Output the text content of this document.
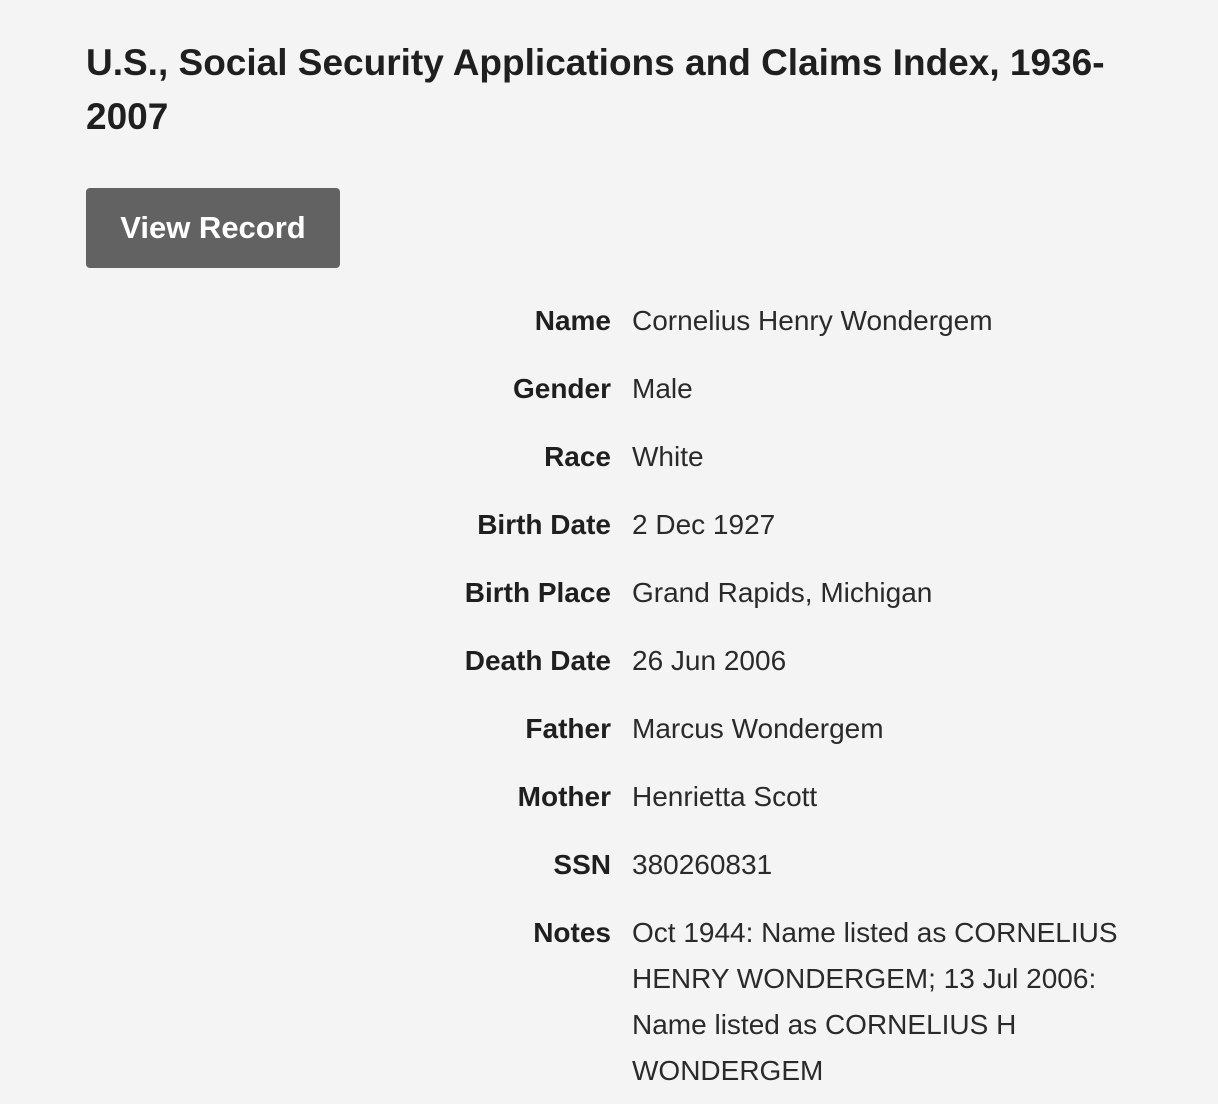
U.S., Social Security Applications and Claims Index, 1936-2007
View Record
Name Cornelius Henry Wondergem
Gender Male
Race White
Birth Date 2 Dec 1927
Birth Place Grand Rapids, Michigan
Death Date 26 Jun 2006
Father Marcus Wondergem
Mother Henrietta Scott
SSN 380260831
Notes Oct 1944: Name listed as CORNELIUS HENRY WONDERGEM; 13 Jul 2006: Name listed as CORNELIUS H WONDERGEM
